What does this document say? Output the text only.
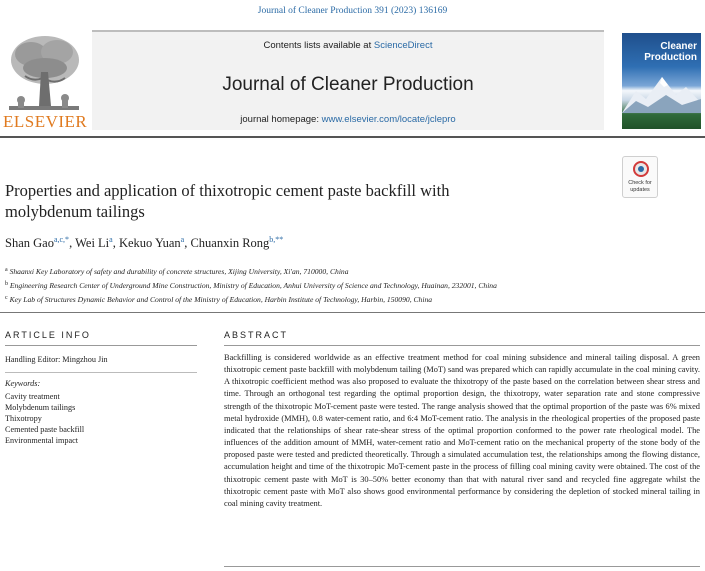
Journal of Cleaner Production 391 (2023) 136169
ELSEVIER
Contents lists available at ScienceDirect
Journal of Cleaner Production
journal homepage: www.elsevier.com/locate/jclepro
Cleaner
Production
Check for
updates
Properties and application of thixotropic cement paste backfill with
molybdenum tailings
Shan Gao$^{a,c,*}$, Wei Li$^a$, Kekuo Yuan$^a$, Chuanxin Rong$^{b,**}$
$^a$ Shaanxi Key Laboratory of safety and durability of concrete structures, Xijing University, Xi'an, 710000, China
$^b$ Engineering Research Center of Underground Mine Construction, Ministry of Education, Anhui University of Science and Technology, Huainan, 232001, China
$^c$ Key Lab of Structures Dynamic Behavior and Control of the Ministry of Education, Harbin Institute of Technology, Harbin, 150090, China
ARTICLE INFO	ABSTRACT
Handling Editor: Mingzhou Jin
Keywords:
Cavity treatment
Molybdenum tailings
Thixotropy
Cemented paste backfill
Environmental impact

Backfilling is considered worldwide as an effective treatment method for coal mining subsidence and mineral tailing disposal. A green thixotropic cement paste backfill with molybdenum tailing (MoT) sand was prepared which can rapidly accumulate in the coal mining cavity. A thixotropic coefficient method was also proposed to evaluate the thixotropy of the paste based on the correlation between shear stress and time. Through an orthogonal test regarding the optimal proportion design, the thixotropy, water separation rate and stone compressive strength of the thixotropic MoT-cement paste were tested. The range analysis showed that the optimal proportion of the paste was 6% mixed metal hydroxide (MMH), 0.8 water-cement ratio, and 6:4 MoT-cement ratio. The analysis in the rheological properties of the proposed paste indicated that the relationships of shear rate-shear stress of the optimal proportion conformed to the power rate rheological model. The influences of the addition amount of MMH, water-cement ratio and MoT-cement ratio on the mechanical property of the stone body of the proposed paste were tested and predicted theoretically. Through a simulated accumulation test, the relationships among the flowing distance, accumulation height and time of the thixotropic MoT-cement paste in the process of filling coal mining cavity were obtained. The cost of the thixotropic cement paste with MoT is 30–50% better economy than that with natural river sand and recycled fine aggregate whilst the thixotropic cement paste with MoT also shows good environmental performance by considering the depletion of stocked mineral tailing in coal mining cavity treatment.
